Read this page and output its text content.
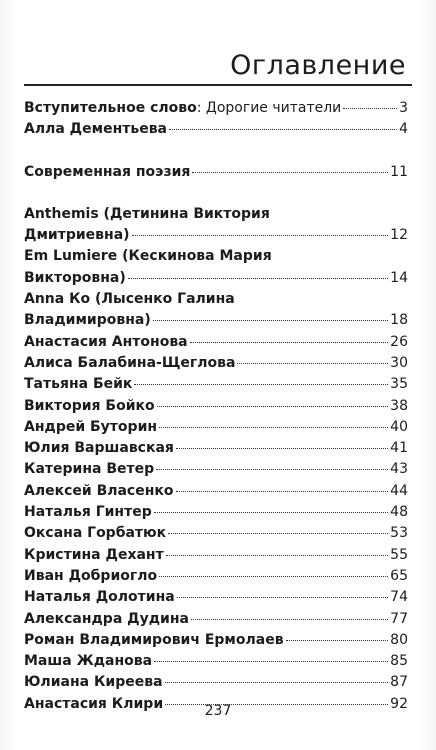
Оглавление
Вступительное слово: Дорогие читатели	3
Алла Дементьева	4
Современная поэзия	11
Anthemis (Детинина Виктория
Дмитриевна)	12
Em Lumiere (Кескинова Мария
Викторовна)	14
Anna Ко (Лысенко Галина
Владимировна)	18
Анастасия Антонова	26
Алиса Балабина-Щеглова	30
Татьяна Бейк	35
Виктория Бойко	38
Андрей Буторин	40
Юлия Варшавская	41
Катерина Ветер	43
Алексей Власенко	44
Наталья Гинтер	48
Оксана Горбатюк	53
Кристина Дехант	55
Иван Добриогло	65
Наталья Долотина	74
Александра Дудина	77
Роман Владимирович Ермолаев	80
Маша Жданова	85
Юлиана Киреева	87
Анастасия Клири	92
237
